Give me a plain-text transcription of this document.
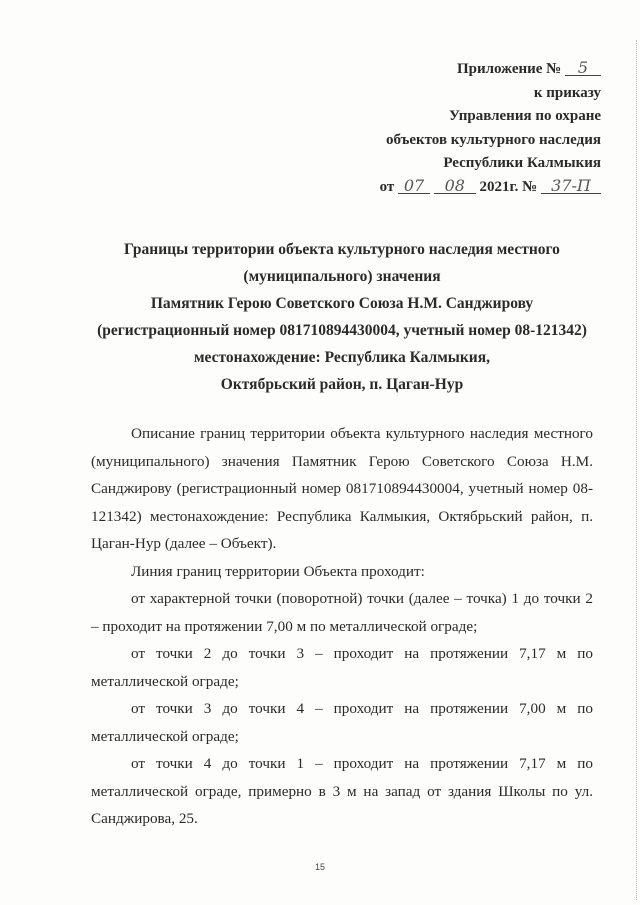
Приложение № 5
к приказу
Управления по охране
объектов культурного наследия
Республики Калмыкия
от 07 08 2021г. № 37-П
Границы территории объекта культурного наследия местного
(муниципального) значения
Памятник Герою Советского Союза Н.М. Санджирову
(регистрационный номер 081710894430004, учетный номер 08-121342)
местонахождение: Республика Калмыкия,
Октябрьский район, п. Цаган-Нур

Описание границ территории объекта культурного наследия местного (муниципального) значения Памятник Герою Советского Союза Н.М. Санджирову (регистрационный номер 081710894430004, учетный номер 08-121342) местонахождение: Республика Калмыкия, Октябрьский район, п. Цаган-Нур (далее – Объект).

Линия границ территории Объекта проходит:

от характерной точки (поворотной) точки (далее – точка) 1 до точки 2 – проходит на протяжении 7,00 м по металлической ограде;

от точки 2 до точки 3 – проходит на протяжении 7,17 м по металлической ограде;

от точки 3 до точки 4 – проходит на протяжении 7,00 м по металлической ограде;

от точки 4 до точки 1 – проходит на протяжении 7,17 м по металлической ограде, примерно в 3 м на запад от здания Школы по ул. Санджирова, 25.

15
